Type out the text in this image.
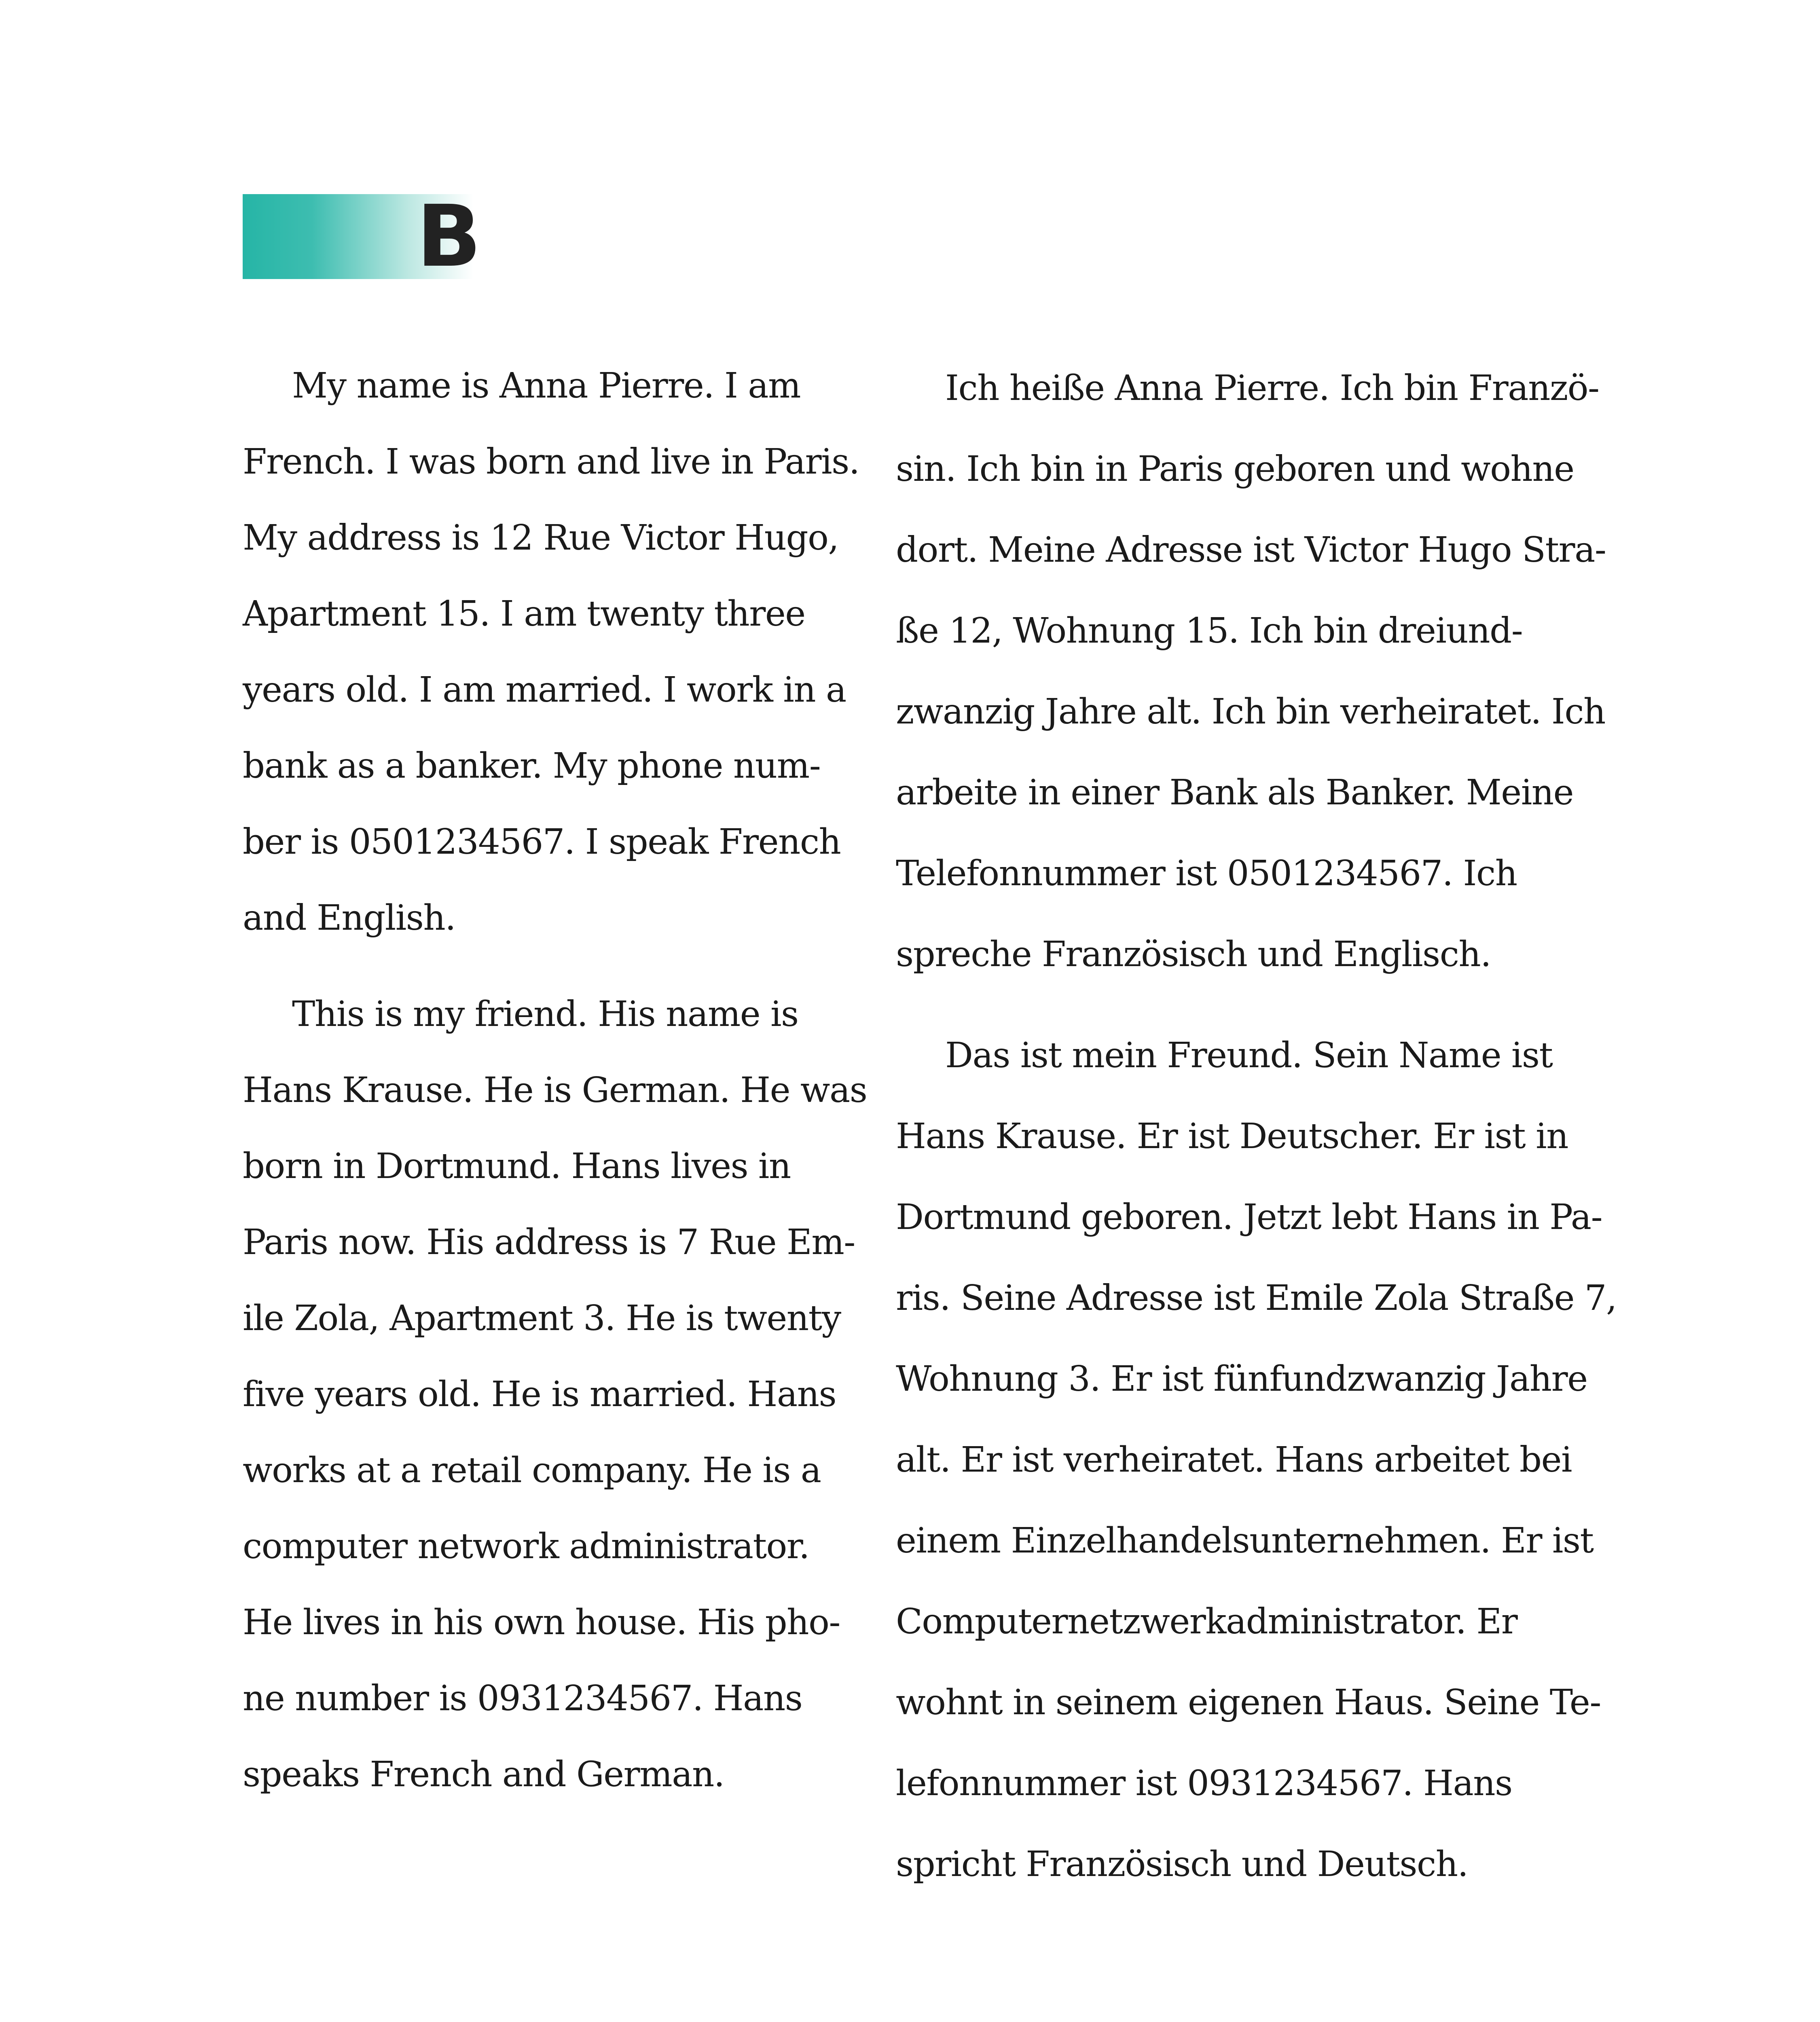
B
My name is Anna Pierre. I am
French. I was born and live in Paris.
My address is 12 Rue Victor Hugo,
Apartment 15. I am twenty three
years old. I am married. I work in a
bank as a banker. My phone num-
ber is 0501234567. I speak French
and English.
This is my friend. His name is
Hans Krause. He is German. He was
born in Dortmund. Hans lives in
Paris now. His address is 7 Rue Em-
ile Zola, Apartment 3. He is twenty
five years old. He is married. Hans
works at a retail company. He is a
computer network administrator.
He lives in his own house. His pho-
ne number is 0931234567. Hans
speaks French and German.
Ich heiße Anna Pierre. Ich bin Franzö-
sin. Ich bin in Paris geboren und wohne
dort. Meine Adresse ist Victor Hugo Stra-
ße 12, Wohnung 15. Ich bin dreiund-
zwanzig Jahre alt. Ich bin verheiratet. Ich
arbeite in einer Bank als Banker. Meine
Telefonnummer ist 0501234567. Ich
spreche Französisch und Englisch.
Das ist mein Freund. Sein Name ist
Hans Krause. Er ist Deutscher. Er ist in
Dortmund geboren. Jetzt lebt Hans in Pa-
ris. Seine Adresse ist Emile Zola Straße 7,
Wohnung 3. Er ist fünfundzwanzig Jahre
alt. Er ist verheiratet. Hans arbeitet bei
einem Einzelhandelsunternehmen. Er ist
Computernetzwerkadministrator. Er
wohnt in seinem eigenen Haus. Seine Te-
lefonnummer ist 0931234567. Hans
spricht Französisch und Deutsch.
